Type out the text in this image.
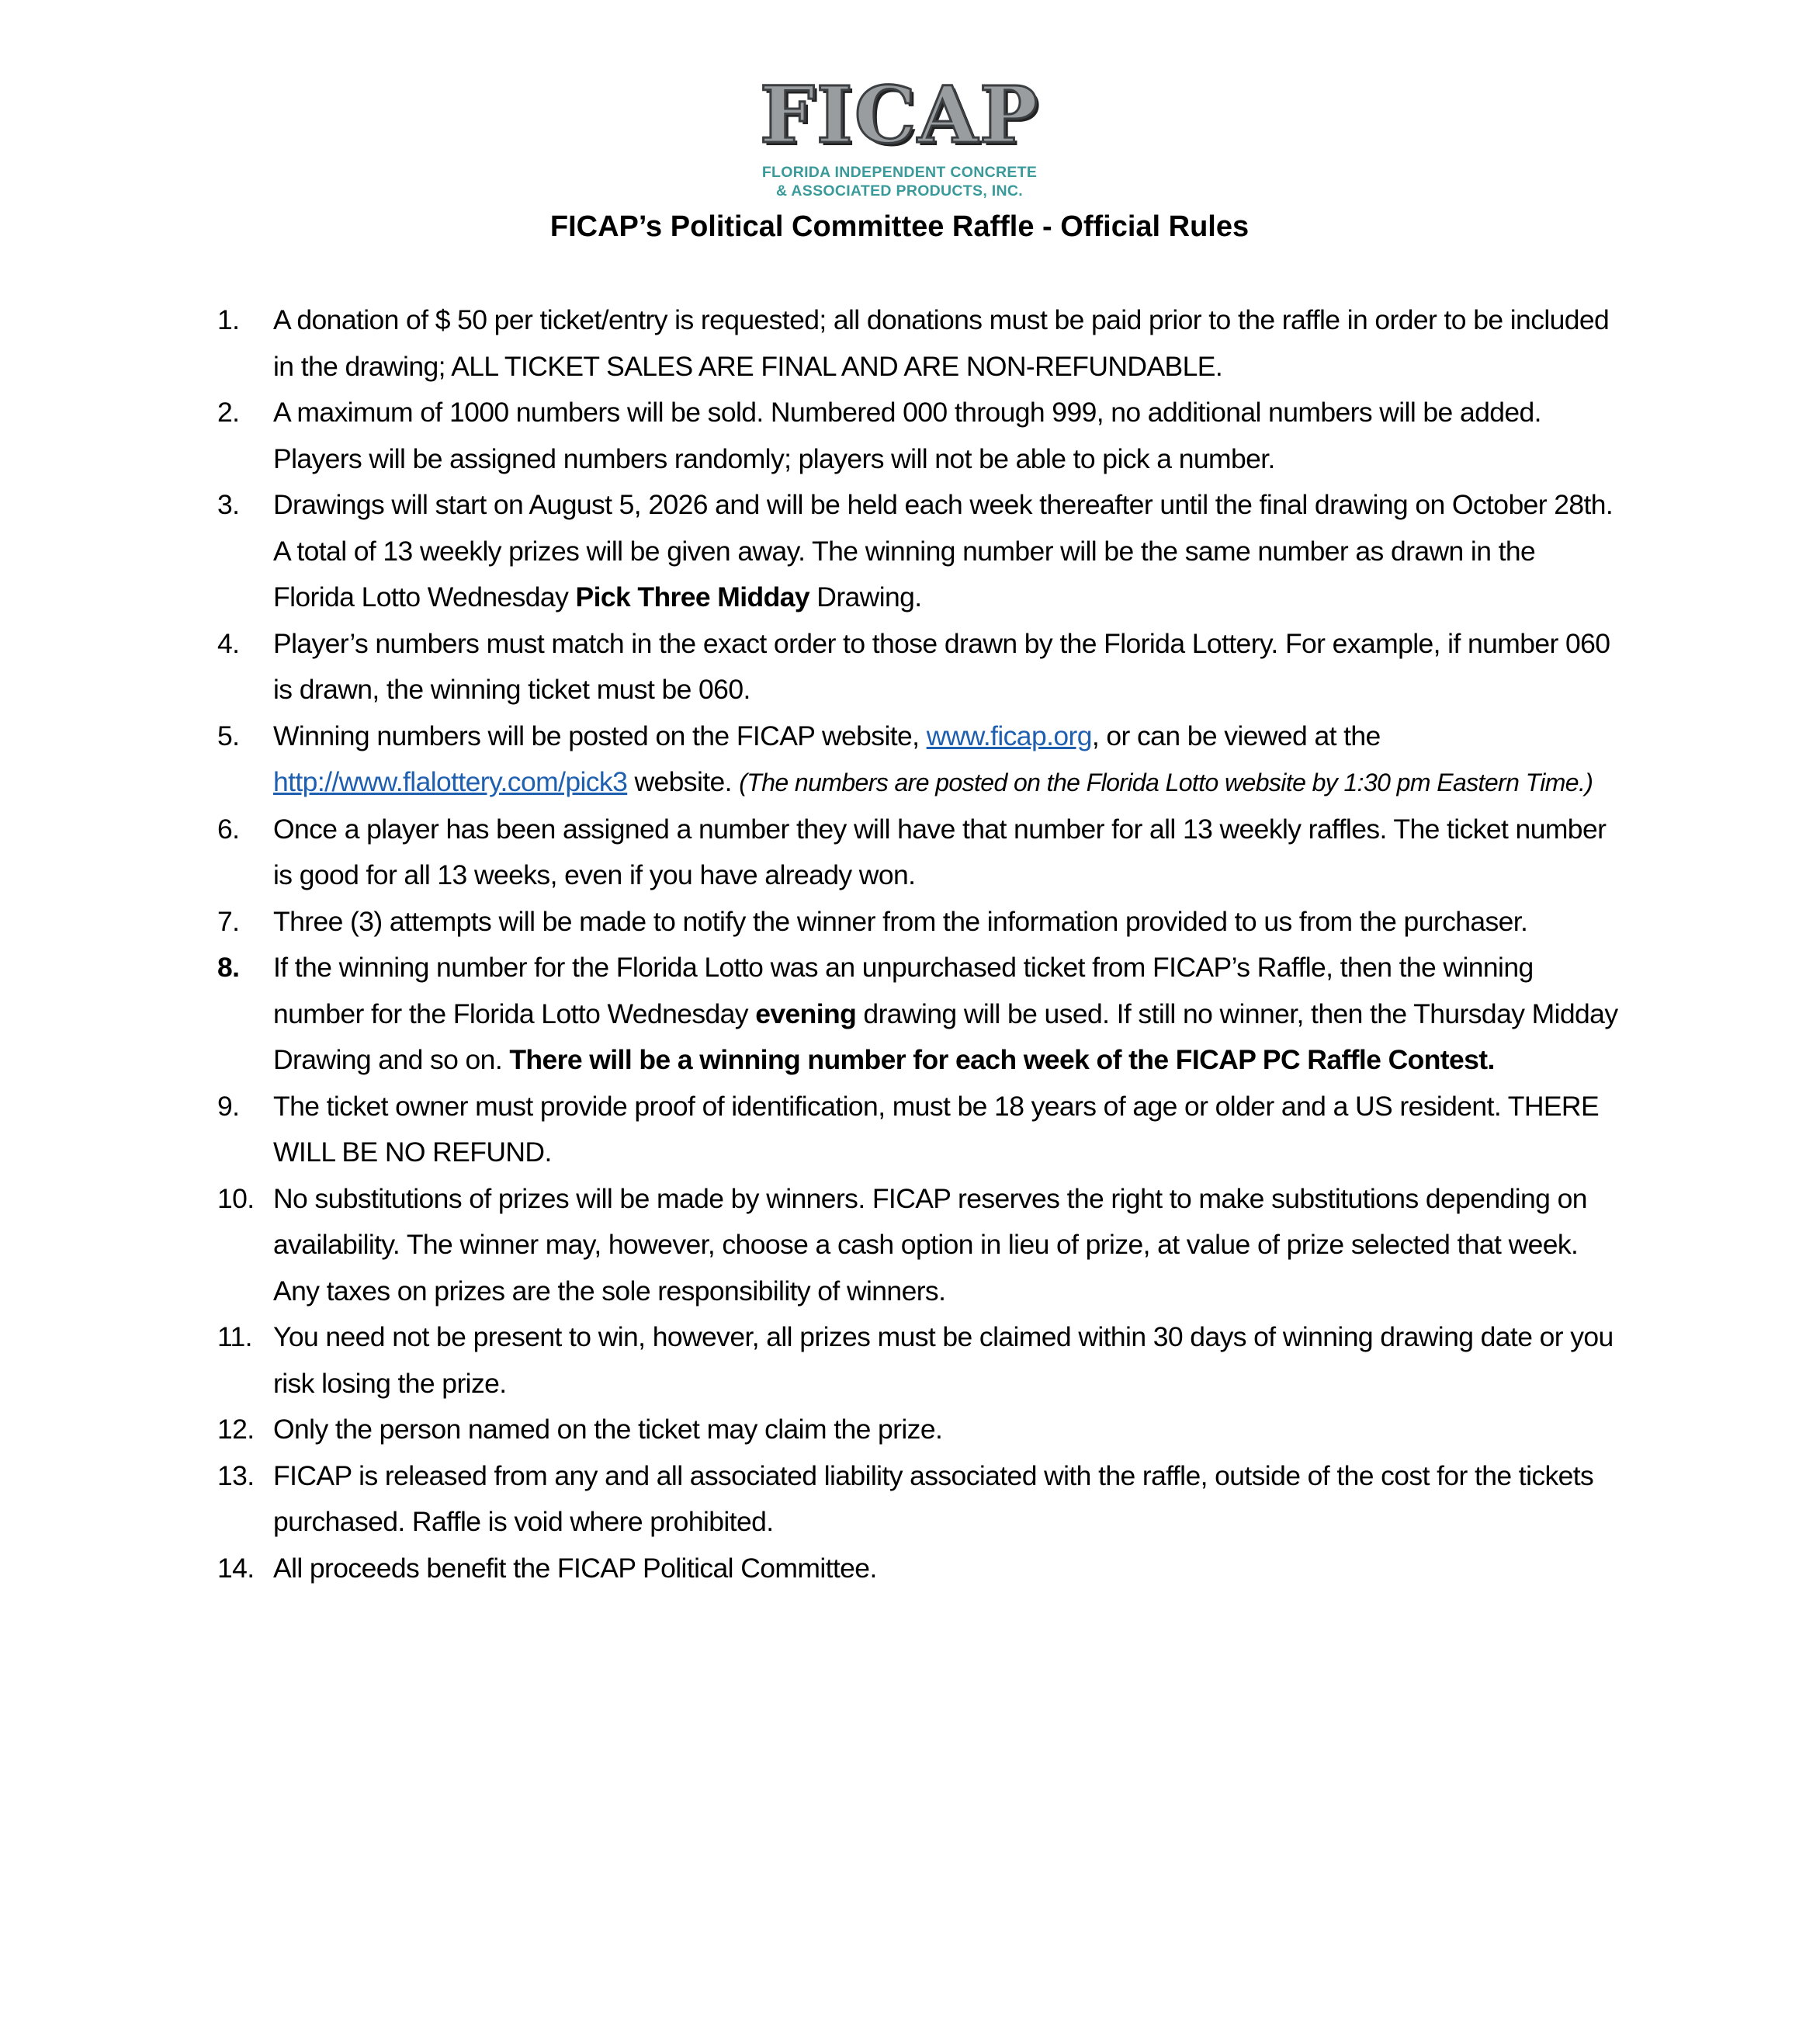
FICAP
FLORIDA INDEPENDENT CONCRETE
& ASSOCIATED PRODUCTS, INC.
FICAP’s Political Committee Raffle - Official Rules
1. A donation of $ 50 per ticket/entry is requested; all donations must be paid prior to the raffle in order to be included in the drawing; ALL TICKET SALES ARE FINAL AND ARE NON-REFUNDABLE.
2. A maximum of 1000 numbers will be sold. Numbered 000 through 999, no additional numbers will be added. Players will be assigned numbers randomly; players will not be able to pick a number.
3. Drawings will start on August 5, 2026 and will be held each week thereafter until the final drawing on October 28th. A total of 13 weekly prizes will be given away. The winning number will be the same number as drawn in the Florida Lotto Wednesday Pick Three Midday Drawing.
4. Player’s numbers must match in the exact order to those drawn by the Florida Lottery. For example, if number 060 is drawn, the winning ticket must be 060.
5. Winning numbers will be posted on the FICAP website, www.ficap.org, or can be viewed at the http://www.flalottery.com/pick3 website. (The numbers are posted on the Florida Lotto website by 1:30 pm Eastern Time.)
6. Once a player has been assigned a number they will have that number for all 13 weekly raffles. The ticket number is good for all 13 weeks, even if you have already won.
7. Three (3) attempts will be made to notify the winner from the information provided to us from the purchaser.
8. If the winning number for the Florida Lotto was an unpurchased ticket from FICAP’s Raffle, then the winning number for the Florida Lotto Wednesday evening drawing will be used. If still no winner, then the Thursday Midday Drawing and so on. There will be a winning number for each week of the FICAP PC Raffle Contest.
9. The ticket owner must provide proof of identification, must be 18 years of age or older and a US resident. THERE WILL BE NO REFUND.
10. No substitutions of prizes will be made by winners. FICAP reserves the right to make substitutions depending on availability. The winner may, however, choose a cash option in lieu of prize, at value of prize selected that week. Any taxes on prizes are the sole responsibility of winners.
11. You need not be present to win, however, all prizes must be claimed within 30 days of winning drawing date or you risk losing the prize.
12. Only the person named on the ticket may claim the prize.
13. FICAP is released from any and all associated liability associated with the raffle, outside of the cost for the tickets purchased. Raffle is void where prohibited.
14. All proceeds benefit the FICAP Political Committee.
